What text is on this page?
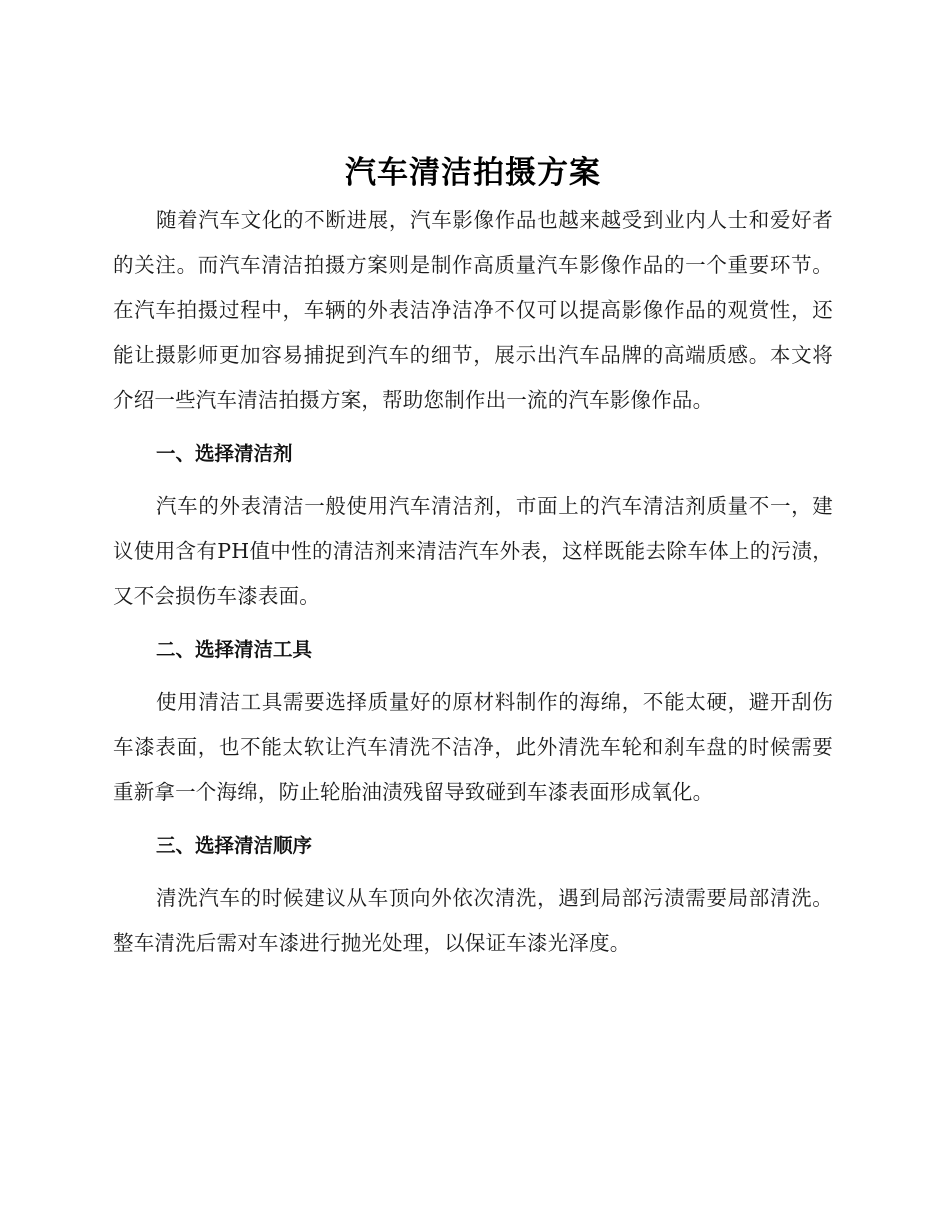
汽车清洁拍摄方案

随着汽车文化的不断进展，汽车影像作品也越来越受到业内人士和爱好者的关注。而汽车清洁拍摄方案则是制作高质量汽车影像作品的一个重要环节。在汽车拍摄过程中，车辆的外表洁净洁净不仅可以提高影像作品的观赏性，还能让摄影师更加容易捕捉到汽车的细节，展示出汽车品牌的高端质感。本文将介绍一些汽车清洁拍摄方案，帮助您制作出一流的汽车影像作品。

一、选择清洁剂

汽车的外表清洁一般使用汽车清洁剂，市面上的汽车清洁剂质量不一，建议使用含有PH值中性的清洁剂来清洁汽车外表，这样既能去除车体上的污渍，又不会损伤车漆表面。

二、选择清洁工具

使用清洁工具需要选择质量好的原材料制作的海绵，不能太硬，避开刮伤车漆表面，也不能太软让汽车清洗不洁净，此外清洗车轮和刹车盘的时候需要重新拿一个海绵，防止轮胎油渍残留导致碰到车漆表面形成氧化。

三、选择清洁顺序

清洗汽车的时候建议从车顶向外依次清洗，遇到局部污渍需要局部清洗。整车清洗后需对车漆进行抛光处理，以保证车漆光泽度。
